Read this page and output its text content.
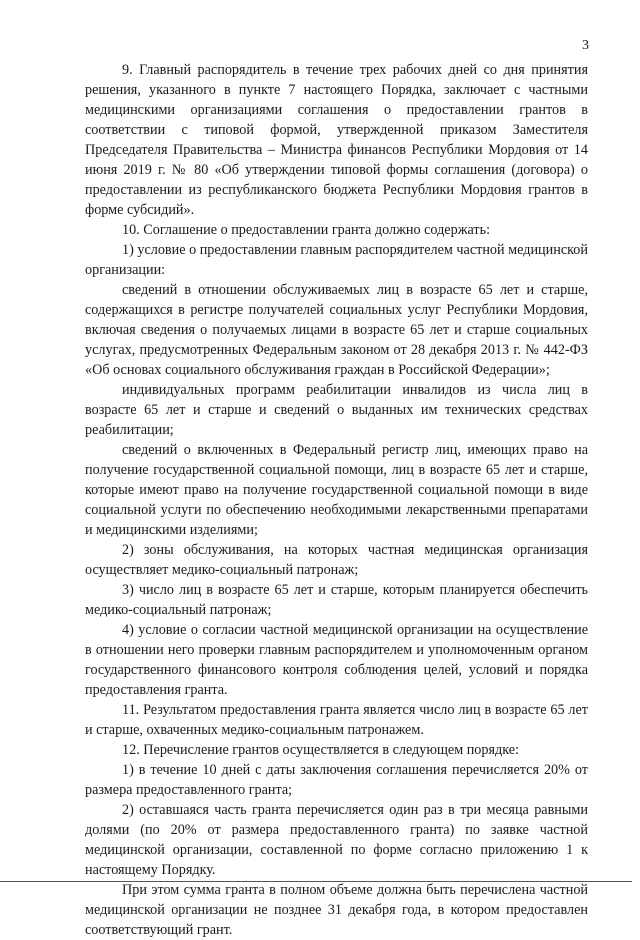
3

9. Главный распорядитель в течение трех рабочих дней со дня принятия решения, указанного в пункте 7 настоящего Порядка, заключает с частными медицинскими организациями соглашения о предоставлении грантов в соответствии с типовой формой, утвержденной приказом Заместителя Председателя Правительства – Министра финансов Республики Мордовия от 14 июня 2019 г. № 80 «Об утверждении типовой формы соглашения (договора) о предоставлении из республиканского бюджета Республики Мордовия грантов в форме субсидий».

10. Соглашение о предоставлении гранта должно содержать:

1) условие о предоставлении главным распорядителем частной медицинской организации:

сведений в отношении обслуживаемых лиц в возрасте 65 лет и старше, содержащихся в регистре получателей социальных услуг Республики Мордовия, включая сведения о получаемых лицами в возрасте 65 лет и старше социальных услугах, предусмотренных Федеральным законом от 28 декабря 2013 г. № 442-ФЗ «Об основах социального обслуживания граждан в Российской Федерации»;

индивидуальных программ реабилитации инвалидов из числа лиц в возрасте 65 лет и старше и сведений о выданных им технических средствах реабилитации;

сведений о включенных в Федеральный регистр лиц, имеющих право на получение государственной социальной помощи, лиц в возрасте 65 лет и старше, которые имеют право на получение государственной социальной помощи в виде социальной услуги по обеспечению необходимыми лекарственными препаратами и медицинскими изделиями;

2) зоны обслуживания, на которых частная медицинская организация осуществляет медико-социальный патронаж;

3) число лиц в возрасте 65 лет и старше, которым планируется обеспечить медико-социальный патронаж;

4) условие о согласии частной медицинской организации на осуществление в отношении него проверки главным распорядителем и уполномоченным органом государственного финансового контроля соблюдения целей, условий и порядка предоставления гранта.

11. Результатом предоставления гранта является число лиц в возрасте 65 лет и старше, охваченных медико-социальным патронажем.

12. Перечисление грантов осуществляется в следующем порядке:

1) в течение 10 дней с даты заключения соглашения перечисляется 20% от размера предоставленного гранта;

2) оставшаяся часть гранта перечисляется один раз в три месяца равными долями (по 20% от размера предоставленного гранта) по заявке частной медицинской организации, составленной по форме согласно приложению 1 к настоящему Порядку.

При этом сумма гранта в полном объеме должна быть перечислена частной медицинской организации не позднее 31 декабря года, в котором предоставлен соответствующий грант.
